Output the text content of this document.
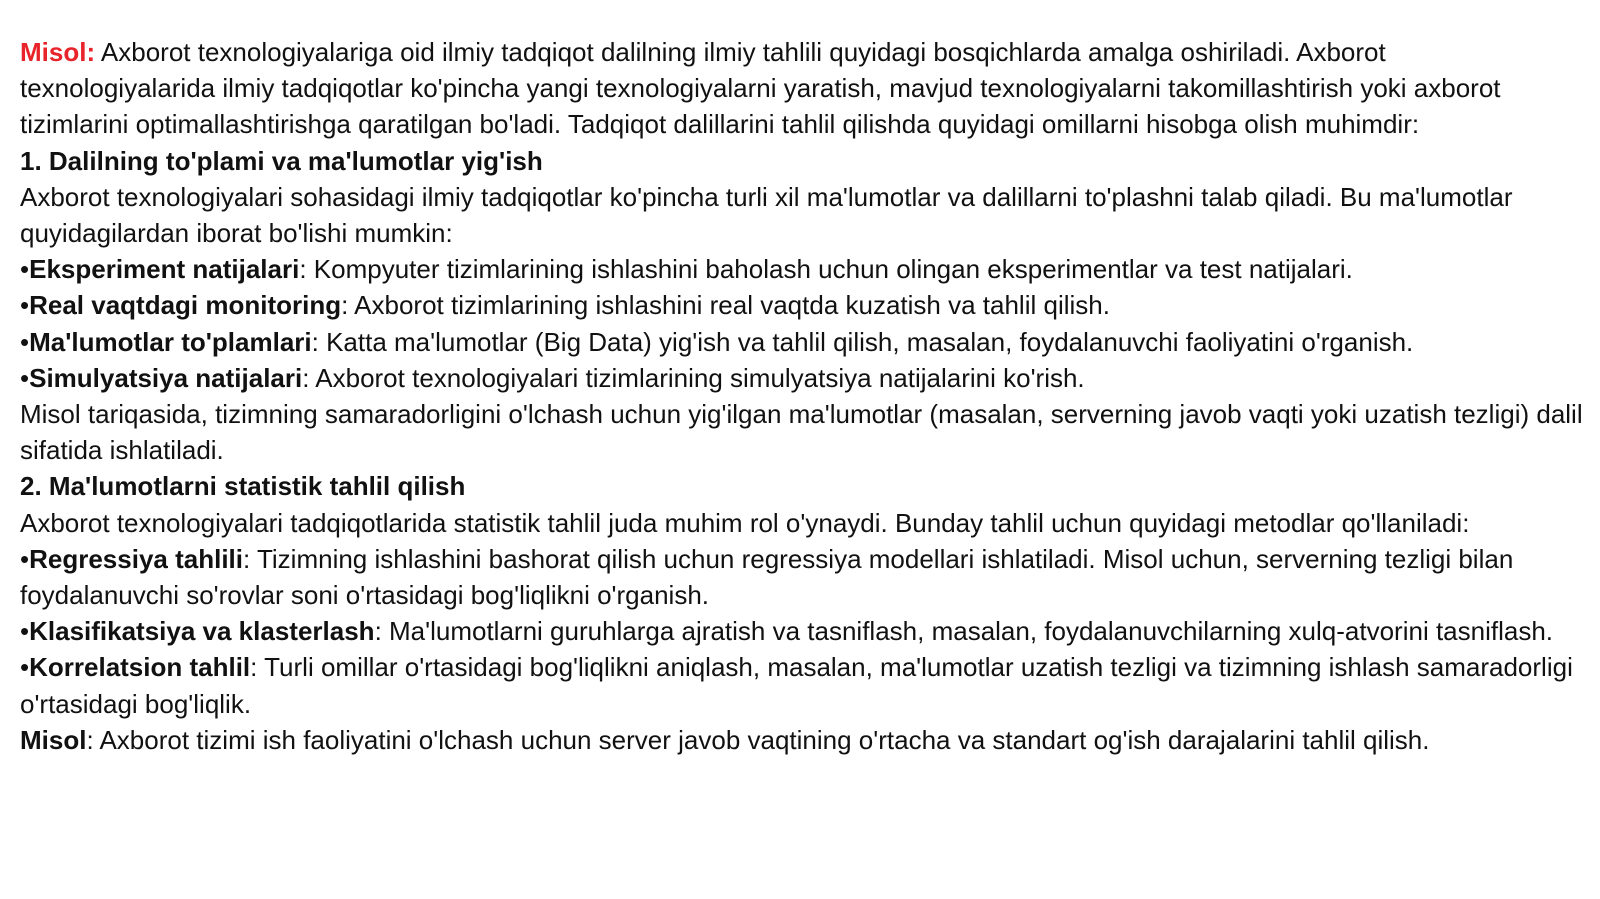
Misol: Axborot texnologiyalariga oid ilmiy tadqiqot dalilning ilmiy tahlili quyidagi bosqichlarda amalga oshiriladi. Axborot texnologiyalarida ilmiy tadqiqotlar ko'pincha yangi texnologiyalarni yaratish, mavjud texnologiyalarni takomillashtirish yoki axborot tizimlarini optimallashtirishga qaratilgan bo'ladi. Tadqiqot dalillarini tahlil qilishda quyidagi omillarni hisobga olish muhimdir:

1. Dalilning to'plami va ma'lumotlar yig'ish

Axborot texnologiyalari sohasidagi ilmiy tadqiqotlar ko'pincha turli xil ma'lumotlar va dalillarni to'plashni talab qiladi. Bu ma'lumotlar quyidagilardan iborat bo'lishi mumkin:

•Eksperiment natijalari: Kompyuter tizimlarining ishlashini baholash uchun olingan eksperimentlar va test natijalari.

•Real vaqtdagi monitoring: Axborot tizimlarining ishlashini real vaqtda kuzatish va tahlil qilish.

•Ma'lumotlar to'plamlari: Katta ma'lumotlar (Big Data) yig'ish va tahlil qilish, masalan, foydalanuvchi faoliyatini o'rganish.

•Simulyatsiya natijalari: Axborot texnologiyalari tizimlarining simulyatsiya natijalarini ko'rish.

Misol tariqasida, tizimning samaradorligini o'lchash uchun yig'ilgan ma'lumotlar (masalan, serverning javob vaqti yoki uzatish tezligi) dalil sifatida ishlatiladi.

2. Ma'lumotlarni statistik tahlil qilish

Axborot texnologiyalari tadqiqotlarida statistik tahlil juda muhim rol o'ynaydi. Bunday tahlil uchun quyidagi metodlar qo'llaniladi:

•Regressiya tahlili: Tizimning ishlashini bashorat qilish uchun regressiya modellari ishlatiladi. Misol uchun, serverning tezligi bilan foydalanuvchi so'rovlar soni o'rtasidagi bog'liqlikni o'rganish.

•Klasifikatsiya va klasterlash: Ma'lumotlarni guruhlarga ajratish va tasniflash, masalan, foydalanuvchilarning xulq-atvorini tasniflash.

•Korrelatsion tahlil: Turli omillar o'rtasidagi bog'liqlikni aniqlash, masalan, ma'lumotlar uzatish tezligi va tizimning ishlash samaradorligi o'rtasidagi bog'liqlik.

Misol: Axborot tizimi ish faoliyatini o'lchash uchun server javob vaqtining o'rtacha va standart og'ish darajalarini tahlil qilish.
